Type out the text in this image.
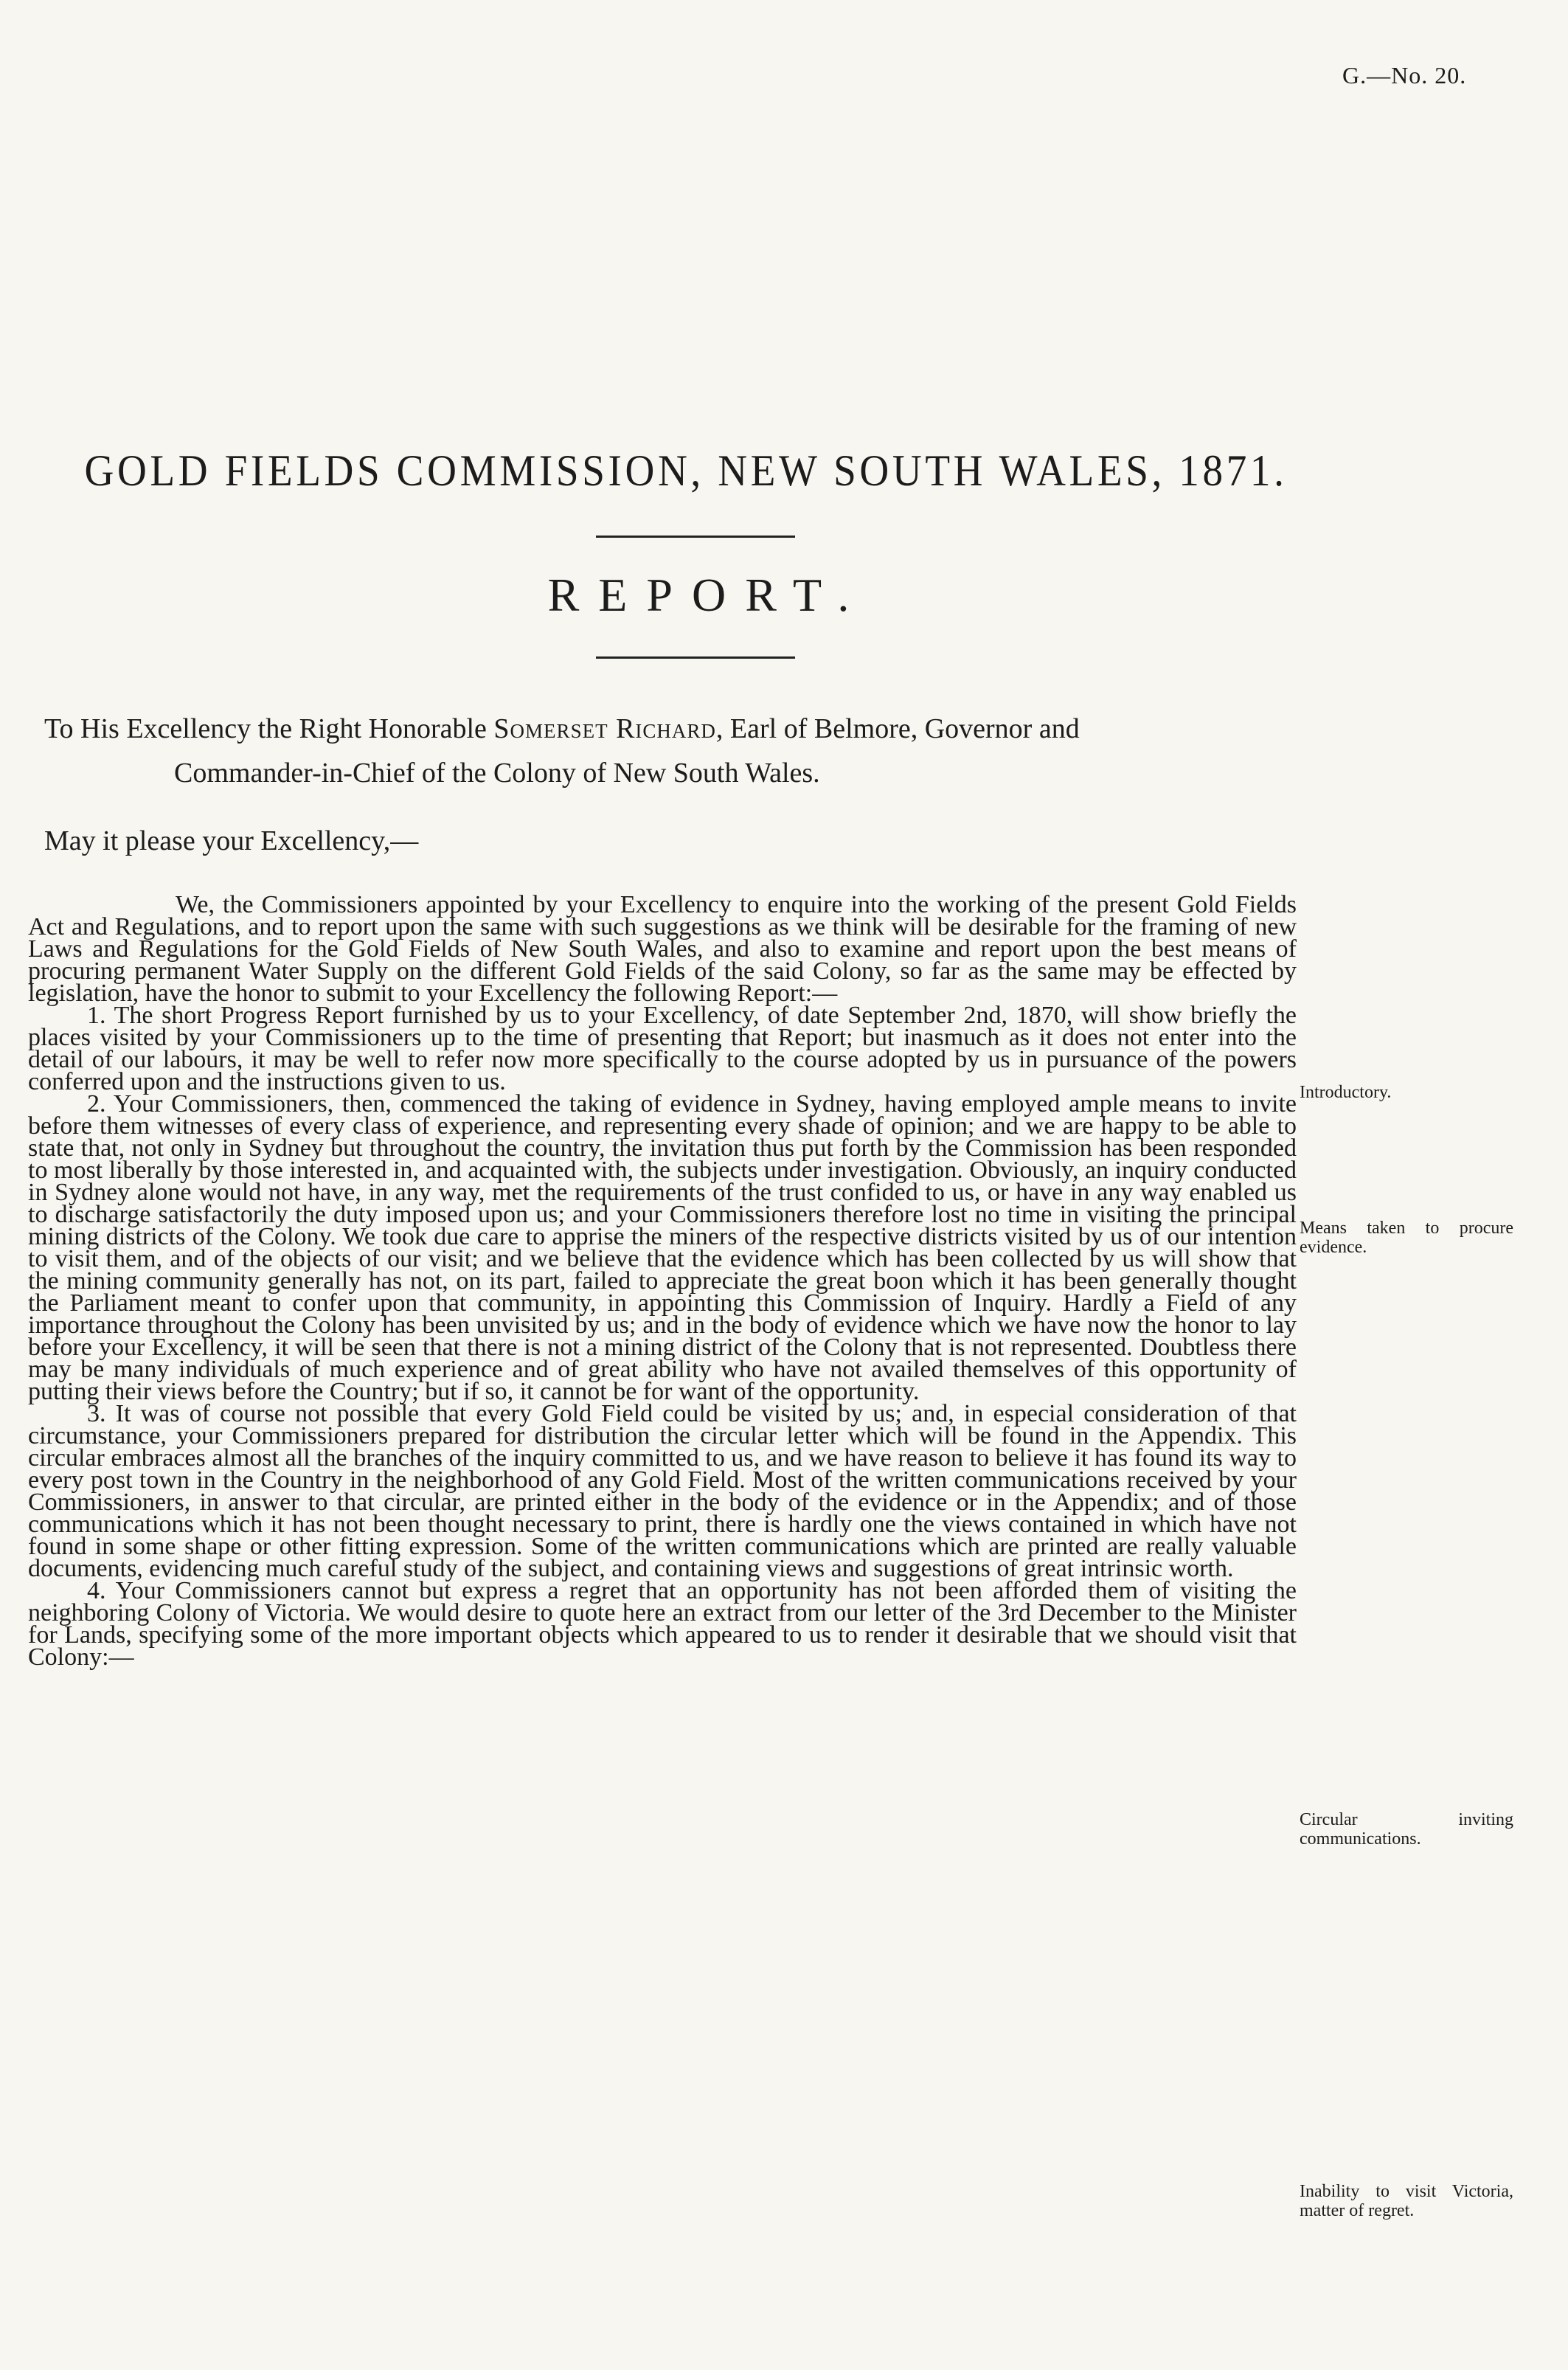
G.—No. 20.
GOLD FIELDS COMMISSION, NEW SOUTH WALES, 1871.
REPORT.
To His Excellency the Right Honorable Somerset Richard, Earl of Belmore, Governor and
Commander-in-Chief of the Colony of New South Wales.
May it please your Excellency,—

We, the Commissioners appointed by your Excellency to enquire into the working of the present Gold Fields Act and Regulations, and to report upon the same with such suggestions as we think will be desirable for the framing of new Laws and Regulations for the Gold Fields of New South Wales, and also to examine and report upon the best means of procuring permanent Water Supply on the different Gold Fields of the said Colony, so far as the same may be effected by legislation, have the honor to submit to your Excellency the following Report:—

1. The short Progress Report furnished by us to your Excellency, of date September 2nd, 1870, will show briefly the places visited by your Commissioners up to the time of presenting that Report; but inasmuch as it does not enter into the detail of our labours, it may be well to refer now more specifically to the course adopted by us in pursuance of the powers conferred upon and the instructions given to us.

2. Your Commissioners, then, commenced the taking of evidence in Sydney, having employed ample means to invite before them witnesses of every class of experience, and representing every shade of opinion; and we are happy to be able to state that, not only in Sydney but throughout the country, the invitation thus put forth by the Commission has been responded to most liberally by those interested in, and acquainted with, the subjects under investigation. Obviously, an inquiry conducted in Sydney alone would not have, in any way, met the requirements of the trust confided to us, or have in any way enabled us to discharge satisfactorily the duty imposed upon us; and your Commissioners therefore lost no time in visiting the principal mining districts of the Colony. We took due care to apprise the miners of the respective districts visited by us of our intention to visit them, and of the objects of our visit; and we believe that the evidence which has been collected by us will show that the mining community generally has not, on its part, failed to appreciate the great boon which it has been generally thought the Parliament meant to confer upon that community, in appointing this Commission of Inquiry. Hardly a Field of any importance throughout the Colony has been unvisited by us; and in the body of evidence which we have now the honor to lay before your Excellency, it will be seen that there is not a mining district of the Colony that is not represented. Doubtless there may be many individuals of much experience and of great ability who have not availed themselves of this opportunity of putting their views before the Country; but if so, it cannot be for want of the opportunity.

3. It was of course not possible that every Gold Field could be visited by us; and, in especial consideration of that circumstance, your Commissioners prepared for distribution the circular letter which will be found in the Appendix. This circular embraces almost all the branches of the inquiry committed to us, and we have reason to believe it has found its way to every post town in the Country in the neighborhood of any Gold Field. Most of the written communications received by your Commissioners, in answer to that circular, are printed either in the body of the evidence or in the Appendix; and of those communications which it has not been thought necessary to print, there is hardly one the views contained in which have not found in some shape or other fitting expression. Some of the written communications which are printed are really valuable documents, evidencing much careful study of the subject, and containing views and suggestions of great intrinsic worth.

4. Your Commissioners cannot but express a regret that an opportunity has not been afforded them of visiting the neighboring Colony of Victoria. We would desire to quote here an extract from our letter of the 3rd December to the Minister for Lands, specifying some of the more important objects which appeared to us to render it desirable that we should visit that Colony:—

Introductory.
Means taken to procure evidence.
Circular inviting communications.
Inability to visit Victoria, matter of regret.
